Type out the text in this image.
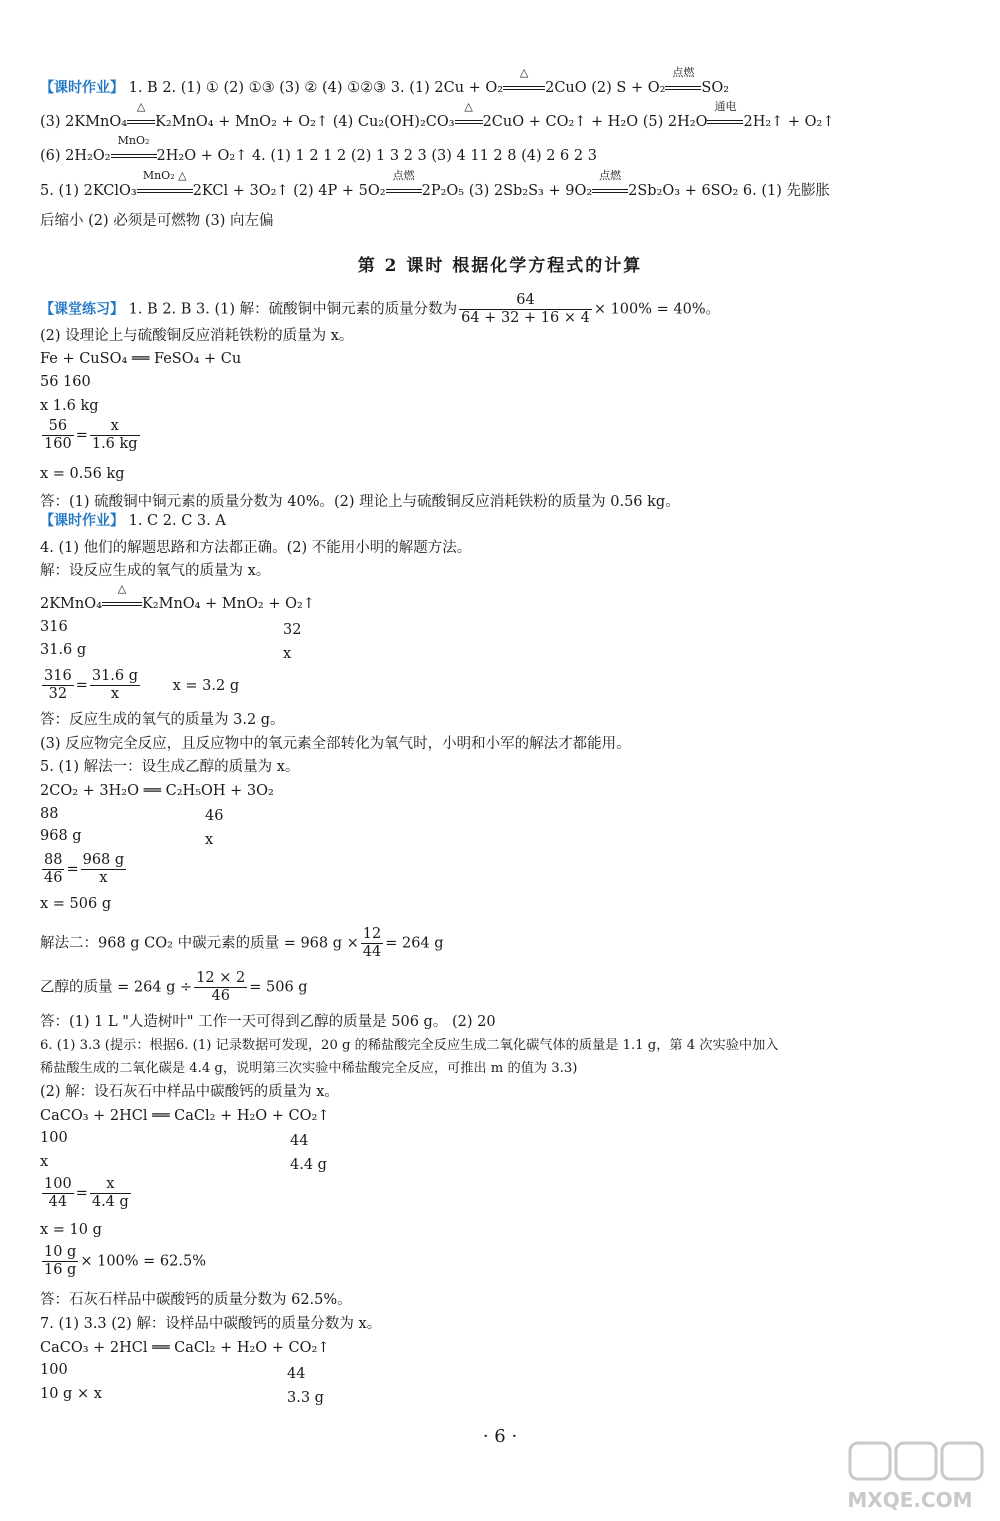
【课时作业】 1. B 2. (1) ① (2) ①③ (3) ② (4) ①②③ 3. (1) 2Cu + O₂
△
2CuO (2) S + O₂
点燃
SO₂
(3) 2KMnO₄
△
K₂MnO₄ + MnO₂ + O₂↑ (4) Cu₂(OH)₂CO₃
△
2CuO + CO₂↑ + H₂O (5) 2H₂O
通电
2H₂↑ + O₂↑
(6) 2H₂O₂
MnO₂
2H₂O + O₂↑ 4. (1) 1 2 1 2 (2) 1 3 2 3 (3) 4 11 2 8 (4) 2 6 2 3
5. (1) 2KClO₃
MnO₂ △
2KCl + 3O₂↑ (2) 4P + 5O₂
点燃
2P₂O₅ (3) 2Sb₂S₃ + 9O₂
点燃
2Sb₂O₃ + 6SO₂ 6. (1) 先膨胀
后缩小 (2) 必须是可燃物 (3) 向左偏
第 2 课时 根据化学方程式的计算
【课堂练习】 1. B 2. B 3. (1) 解：硫酸铜中铜元素的质量分数为 $\frac{64}{64 + 32 + 16 \times 4} \times 100\% = 40\%$。
(2) 设理论上与硫酸铜反应消耗铁粉的质量为 x。
Fe + CuSO₄ ══ FeSO₄ + Cu
56 160
x 1.6 kg
$\frac{56}{160} = \frac{x}{1.6 kg}$
x = 0.56 kg
答：(1) 硫酸铜中铜元素的质量分数为 40%。(2) 理论上与硫酸铜反应消耗铁粉的质量为 0.56 kg。
【课时作业】 1. C 2. C 3. A
4. (1) 他们的解题思路和方法都正确。(2) 不能用小明的解题方法。
解：设反应生成的氧气的质量为 x。
2KMnO₄
△
K₂MnO₄ + MnO₂ + O₂↑
316	32
31.6 g	x
$\frac{316}{32} = \frac{31.6 g}{x}$ x = 3.2 g
答：反应生成的氧气的质量为 3.2 g。
(3) 反应物完全反应，且反应物中的氧元素全部转化为氧气时，小明和小军的解法才都能用。
5. (1) 解法一：设生成乙醇的质量为 x。
2CO₂ + 3H₂O ══ C₂H₅OH + 3O₂
88	46
968 g	x
$\frac{88}{46} = \frac{968 g}{x}$
x = 506 g
解法二：968 g CO₂ 中碳元素的质量 = 968 $g \times \frac{12}{44} = 264$ g
乙醇的质量 = 264 $g \div \frac{12 \times 2}{46} = 506$ g
答：(1) 1 L "人造树叶" 工作一天可得到乙醇的质量是 506 g。 (2) 20
6. (1) 3.3 (提示：根据6. (1) 记录数据可发现，20 g 的稀盐酸完全反应生成二氧化碳气体的质量是 1.1 g，第 4 次实验中加入
稀盐酸生成的二氧化碳是 4.4 g，说明第三次实验中稀盐酸完全反应，可推出 m 的值为 3.3)
(2) 解：设石灰石中样品中碳酸钙的质量为 x。
CaCO₃ + 2HCl ══ CaCl₂ + H₂O + CO₂↑
100	44
x	4.4 g
$\frac{100}{44} = \frac{x}{4.4 g}$
x = 10 g
$\frac{10 g}{16 g} \times 100\% = 62.5\%$
答：石灰石样品中碳酸钙的质量分数为 62.5%。
7. (1) 3.3 (2) 解：设样品中碳酸钙的质量分数为 x。
CaCO₃ + 2HCl ══ CaCl₂ + H₂O + CO₂↑
100	44
10 g × x	3.3 g
· 6 ·
MXQE.COM
